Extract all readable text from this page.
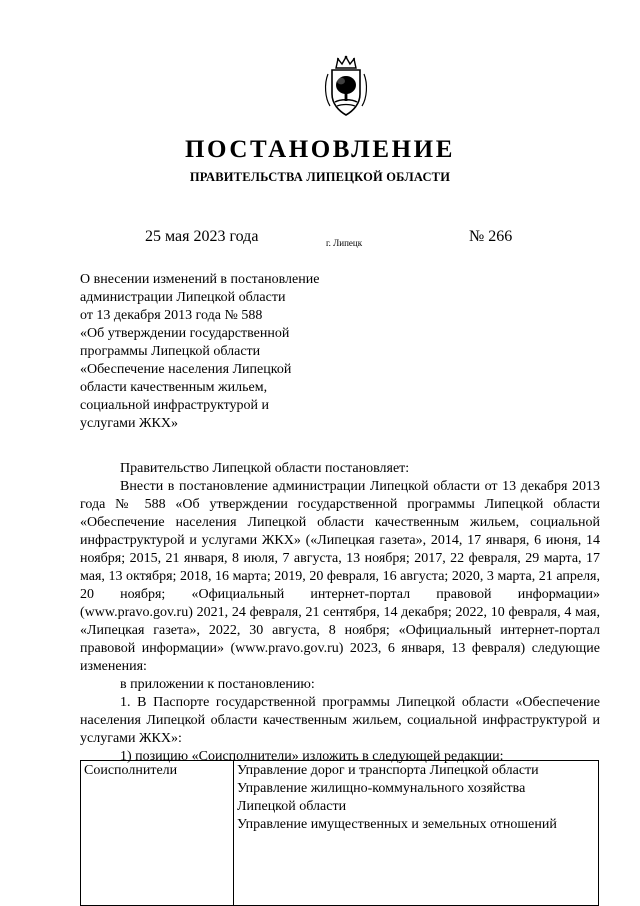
ПОСТАНОВЛЕНИЕ
ПРАВИТЕЛЬСТВА ЛИПЕЦКОЙ ОБЛАСТИ
25 мая 2023 года	г. Липецк	№ 266
О внесении изменений в постановление
администрации Липецкой области
от 13 декабря 2013 года № 588
«Об утверждении государственной
программы Липецкой области
«Обеспечение населения Липецкой
области качественным жильем,
социальной инфраструктурой и
услугами ЖКХ»

Правительство Липецкой области постановляет:

Внести в постановление администрации Липецкой области от 13 декабря 2013 года № 588 «Об утверждении государственной программы Липецкой области «Обеспечение населения Липецкой области качественным жильем, социальной инфраструктурой и услугами ЖКХ» («Липецкая газета», 2014, 17 января, 6 июня, 14 ноября; 2015, 21 января, 8 июля, 7 августа, 13 ноября; 2017, 22 февраля, 29 марта, 17 мая, 13 октября; 2018, 16 марта; 2019, 20 февраля, 16 августа; 2020, 3 марта, 21 апреля, 20 ноября; «Официальный интернет-портал правовой информации» (www.pravo.gov.ru) 2021, 24 февраля, 21 сентября, 14 декабря; 2022, 10 февраля, 4 мая, «Липецкая газета», 2022, 30 августа, 8 ноября; «Официальный интернет-портал правовой информации» (www.pravo.gov.ru) 2023, 6 января, 13 февраля) следующие изменения:

в приложении к постановлению:

1. В Паспорте государственной программы Липецкой области «Обеспечение населения Липецкой области качественным жильем, социальной инфраструктурой и услугами ЖКХ»:

1) позицию «Соисполнители» изложить в следующей редакции:

Соисполнители	Управление дорог и транспорта Липецкой области
Управление жилищно-коммунального хозяйства
Липецкой области
Управление имущественных и земельных отношений
